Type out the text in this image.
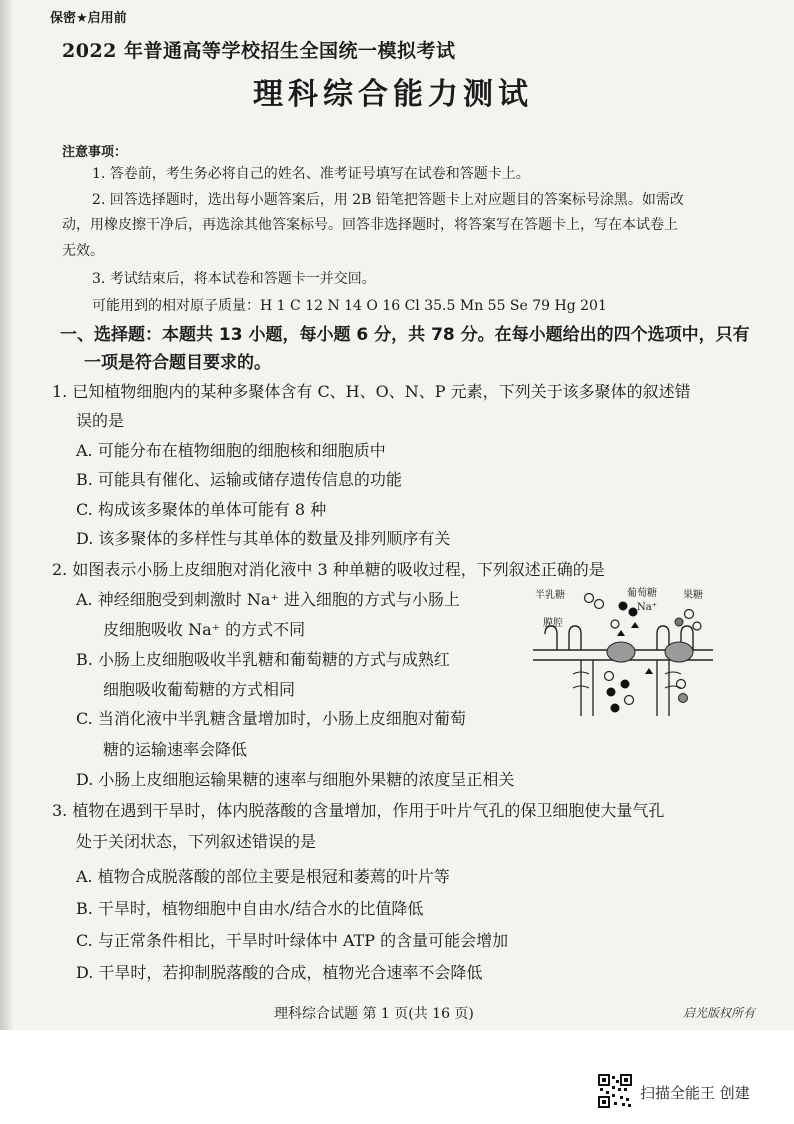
保密★启用前
2022 年普通高等学校招生全国统一模拟考试
理科综合能力测试
注意事项：
1. 答卷前，考生务必将自己的姓名、准考证号填写在试卷和答题卡上。
2. 回答选择题时，选出每小题答案后，用 2B 铅笔把答题卡上对应题目的答案标号涂黑。如需改
动，用橡皮擦干净后，再选涂其他答案标号。回答非选择题时，将答案写在答题卡上，写在本试卷上
无效。
3. 考试结束后，将本试卷和答题卡一并交回。
可能用到的相对原子质量：H 1 C 12 N 14 O 16 Cl 35.5 Mn 55 Se 79 Hg 201
一、选择题：本题共 13 小题，每小题 6 分，共 78 分。在每小题给出的四个选项中，只有
一项是符合题目要求的。
1. 已知植物细胞内的某种多聚体含有 C、H、O、N、P 元素，下列关于该多聚体的叙述错
误的是
A. 可能分布在植物细胞的细胞核和细胞质中
B. 可能具有催化、运输或储存遗传信息的功能
C. 构成该多聚体的单体可能有 8 种
D. 该多聚体的多样性与其单体的数量及排列顺序有关
2. 如图表示小肠上皮细胞对消化液中 3 种单糖的吸收过程，下列叙述正确的是
A. 神经细胞受到刺激时 Na⁺ 进入细胞的方式与小肠上
皮细胞吸收 Na⁺ 的方式不同
B. 小肠上皮细胞吸收半乳糖和葡萄糖的方式与成熟红
细胞吸收葡萄糖的方式相同
C. 当消化液中半乳糖含量增加时，小肠上皮细胞对葡萄
糖的运输速率会降低
D. 小肠上皮细胞运输果糖的速率与细胞外果糖的浓度呈正相关
半乳糖	葡萄糖	果糖
Na⁺
膜腔
3. 植物在遇到干旱时，体内脱落酸的含量增加，作用于叶片气孔的保卫细胞使大量气孔
处于关闭状态，下列叙述错误的是
A. 植物合成脱落酸的部位主要是根冠和萎蔫的叶片等
B. 干旱时，植物细胞中自由水/结合水的比值降低
C. 与正常条件相比，干旱时叶绿体中 ATP 的含量可能会增加
D. 干旱时，若抑制脱落酸的合成，植物光合速率不会降低
理科综合试题 第 1 页(共 16 页)	启光版权所有
扫描全能王 创建
